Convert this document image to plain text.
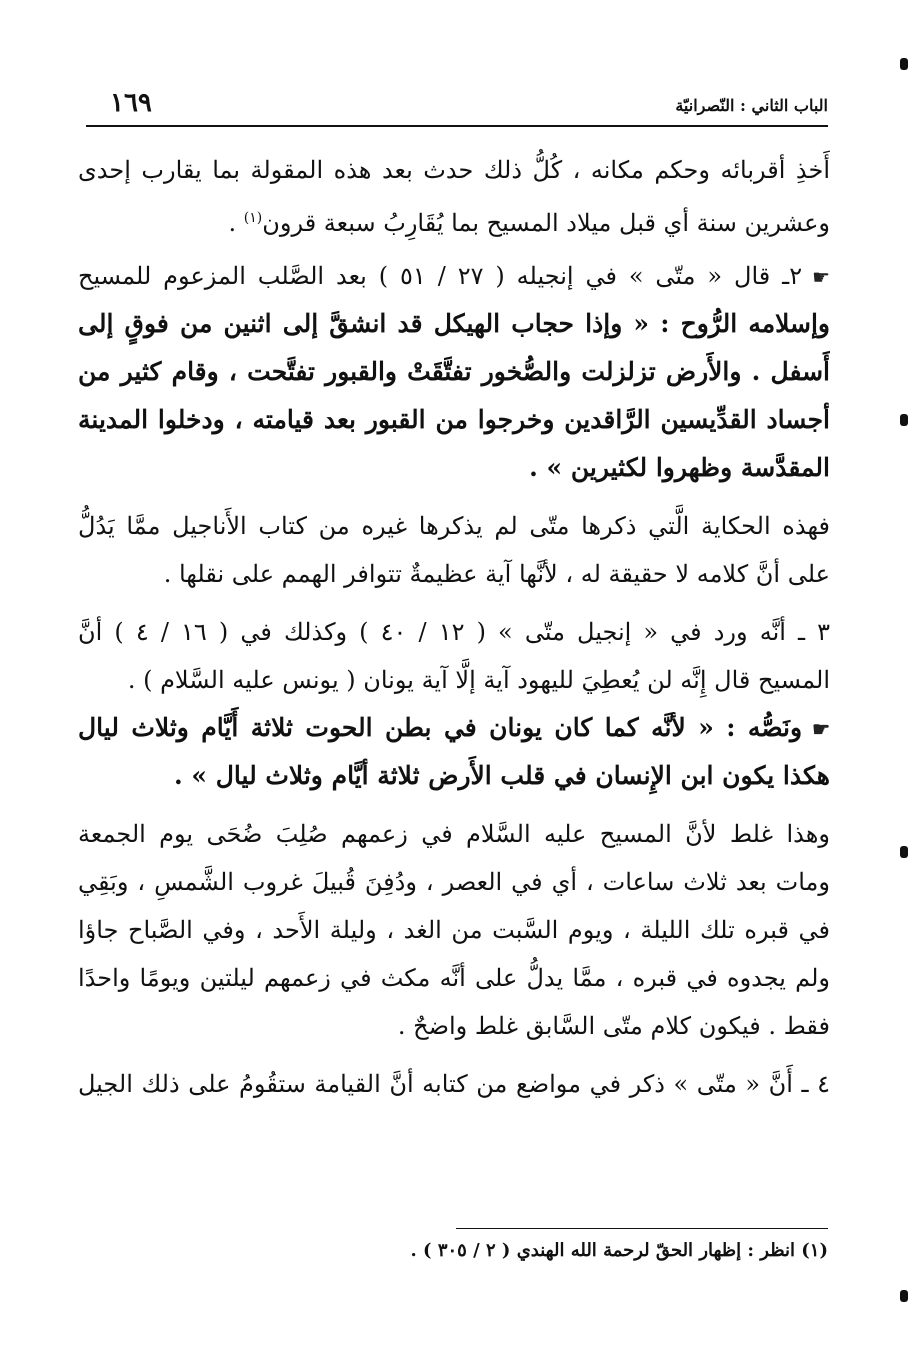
الباب الثاني : النّصرانيّة
١٦٩
أَخذِ أقربائه وحكم مكانه ، كُلُّ ذلك حدث بعد هذه المقولة بما يقارب إحدى
وعشرين سنة أي قبل ميلاد المسيح بما يُقَارِبُ سبعة قرون$^{(١)}$ .
☛٢ـ قال « متّى » في إنجيله ( ٢٧ / ٥١ ) بعد الصَّلب المزعوم للمسيح
وإسلامه الرُّوح : « وإذا حجاب الهيكل قد انشقَّ إلى اثنين من فوقٍ إلى
أَسفل . والأَرض تزلزلت والصُّخور تفتَّقَتْ والقبور تفتَّحت ، وقام كثير من
أجساد القدِّيسين الرَّاقدين وخرجوا من القبور بعد قيامته ، ودخلوا المدينة
المقدَّسة وظهروا لكثيرين » .
فهذه الحكاية الَّتي ذكرها متّى لم يذكرها غيره من كتاب الأَناجيل ممَّا يَدُلُّ
على أنَّ كلامه لا حقيقة له ، لأنَّها آية عظيمةٌ تتوافر الهمم على نقلها .
٣ ـ أنَّه ورد في « إنجيل متّى » ( ١٢ / ٤٠ ) وكذلك في ( ١٦ / ٤ ) أنَّ
المسيح قال إِنَّه لن يُعطِيَ لليهود آية إلَّا آية يونان ( يونس عليه السَّلام ) .
☛ونَصُّه : « لأنَّه كما كان يونان في بطن الحوت ثلاثة أَيَّام وثلاث ليال
هكذا يكون ابن الإِنسان في قلب الأَرض ثلاثة أيَّام وثلاث ليال » .
وهذا غلط لأنَّ المسيح عليه السَّلام في زعمهم صُلِبَ ضُحَى يوم الجمعة
ومات بعد ثلاث ساعات ، أي في العصر ، ودُفِنَ قُبيلَ غروب الشَّمسِ ، وبَقِي
في قبره تلك الليلة ، ويوم السَّبت من الغد ، وليلة الأَحد ، وفي الصَّباح جاؤا
ولم يجدوه في قبره ، ممَّا يدلُّ على أنَّه مكث في زعمهم ليلتين ويومًا واحدًا
فقط . فيكون كلام متّى السَّابق غلط واضحٌ .
٤ ـ أَنَّ « متّى » ذكر في مواضع من كتابه أنَّ القيامة ستقُومُ على ذلك الجيل
(١) انظر : إظهار الحقّ لرحمة الله الهندي ( ٢ / ٣٠٥ ) .
